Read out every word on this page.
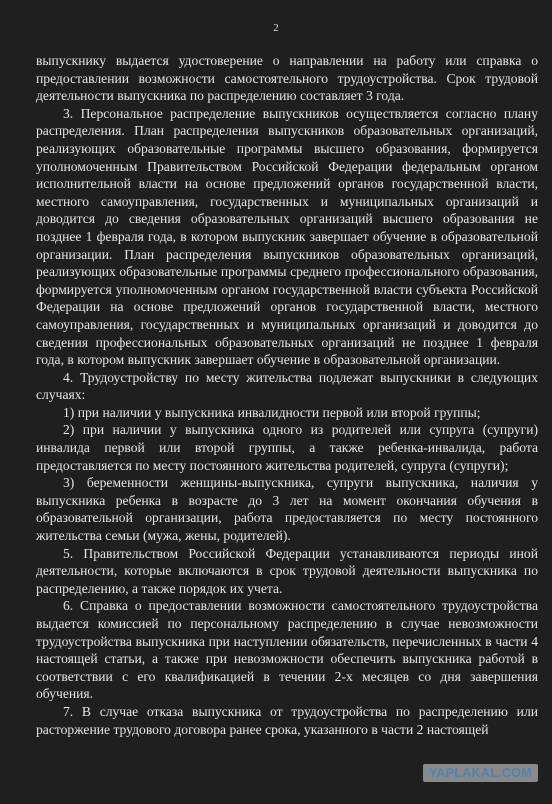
2

выпускнику выдается удостоверение о направлении на работу или справка о предоставлении возможности самостоятельного трудоустройства. Срок трудовой деятельности выпускника по распределению составляет 3 года.

3. Персональное распределение выпускников осуществляется согласно плану распределения. План распределения выпускников образовательных организаций, реализующих образовательные программы высшего образования, формируется уполномоченным Правительством Российской Федерации федеральным органом исполнительной власти на основе предложений органов государственной власти, местного самоуправления, государственных и муниципальных организаций и доводится до сведения образовательных организаций высшего образования не позднее 1 февраля года, в котором выпускник завершает обучение в образовательной организации. План распределения выпускников образовательных организаций, реализующих образовательные программы среднего профессионального образования, формируется уполномоченным органом государственной власти субъекта Российской Федерации на основе предложений органов государственной власти, местного самоуправления, государственных и муниципальных организаций и доводится до сведения профессиональных образовательных организаций не позднее 1 февраля года, в котором выпускник завершает обучение в образовательной организации.

4. Трудоустройству по месту жительства подлежат выпускники в следующих случаях:

1) при наличии у выпускника инвалидности первой или второй группы;

2) при наличии у выпускника одного из родителей или супруга (супруги) инвалида первой или второй группы, а также ребенка-инвалида, работа предоставляется по месту постоянного жительства родителей, супруга (супруги);

3) беременности женщины-выпускника, супруги выпускника, наличия у выпускника ребенка в возрасте до 3 лет на момент окончания обучения в образовательной организации, работа предоставляется по месту постоянного жительства семьи (мужа, жены, родителей).

5. Правительством Российской Федерации устанавливаются периоды иной деятельности, которые включаются в срок трудовой деятельности выпускника по распределению, а также порядок их учета.

6. Справка о предоставлении возможности самостоятельного трудоустройства выдается комиссией по персональному распределению в случае невозможности трудоустройства выпускника при наступлении обязательств, перечисленных в части 4 настоящей статьи, а также при невозможности обеспечить выпускника работой в соответствии с его квалификацией в течении 2-х месяцев со дня завершения обучения.

7. В случае отказа выпускника от трудоустройства по распределению или расторжение трудового договора ранее срока, указанного в части 2 настоящей

YAPLAKAL.COM
